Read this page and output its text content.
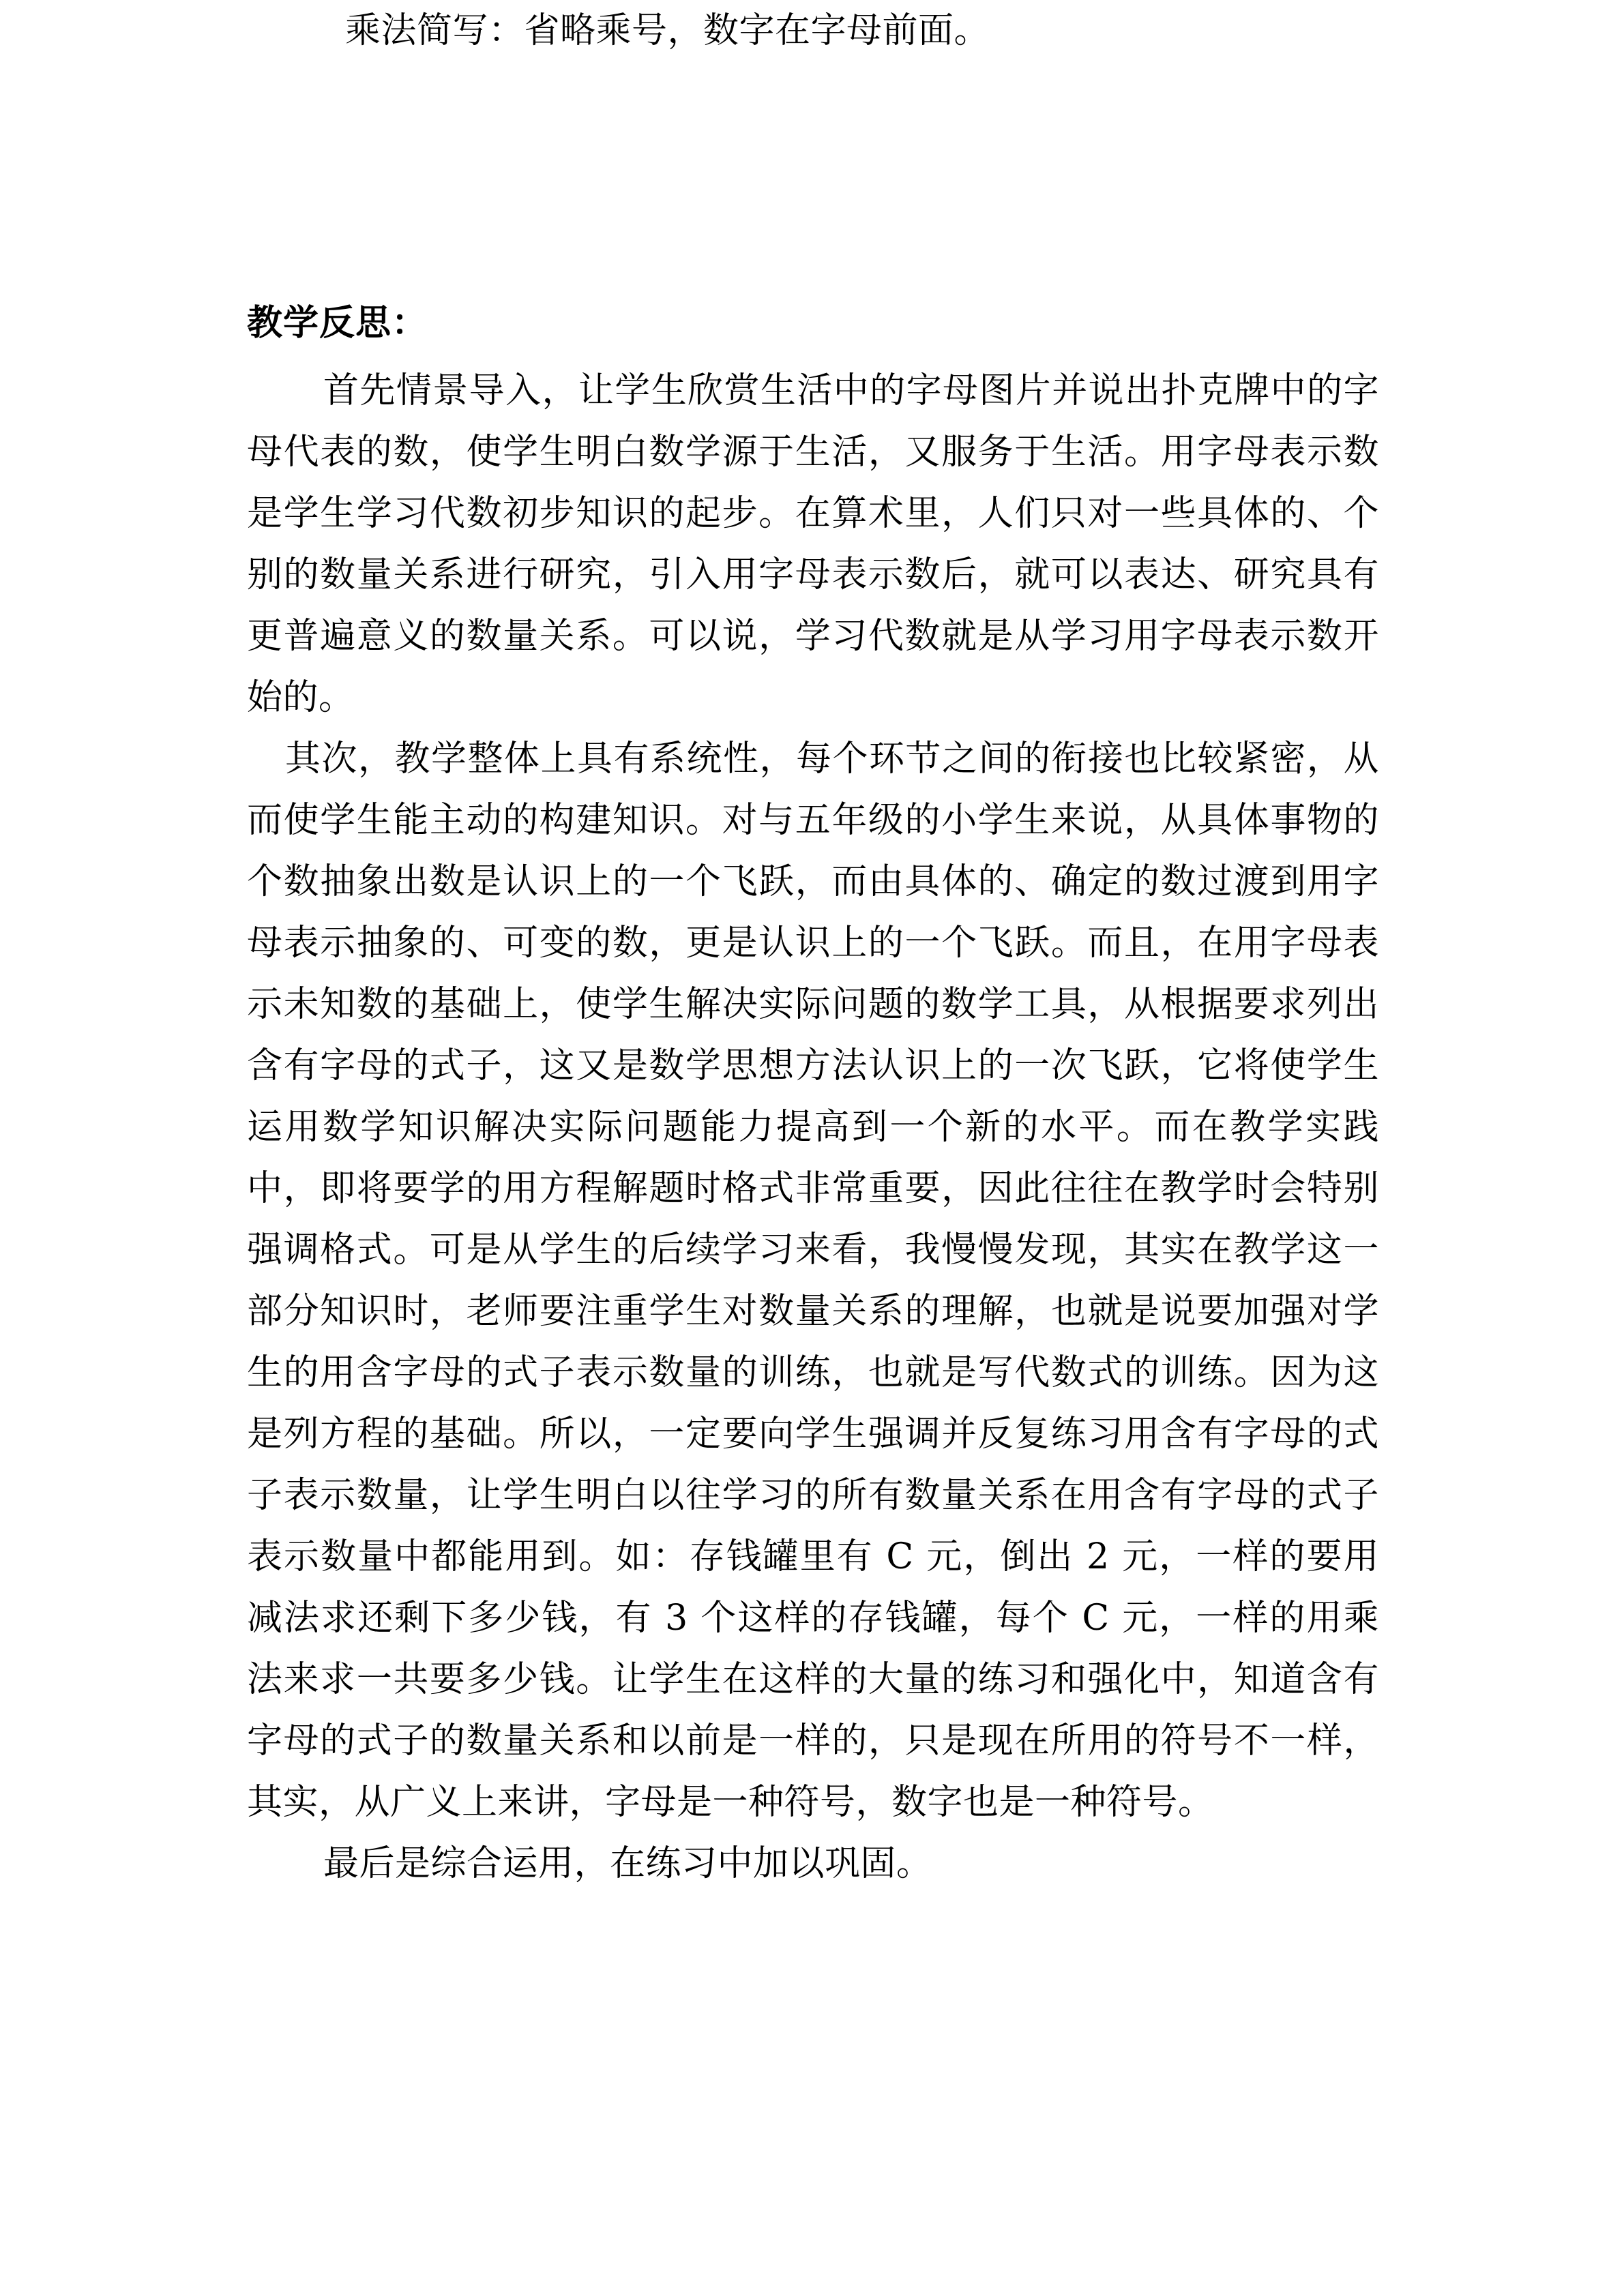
乘法简写：省略乘号，数字在字母前面。
教学反思：

首先情景导入，让学生欣赏生活中的字母图片并说出扑克牌中的字母代表的数，使学生明白数学源于生活，又服务于生活。用字母表示数是学生学习代数初步知识的起步。在算术里，人们只对一些具体的、个别的数量关系进行研究，引入用字母表示数后，就可以表达、研究具有更普遍意义的数量关系。可以说，学习代数就是从学习用字母表示数开始的。

其次，教学整体上具有系统性，每个环节之间的衔接也比较紧密，从而使学生能主动的构建知识。对与五年级的小学生来说，从具体事物的个数抽象出数是认识上的一个飞跃，而由具体的、确定的数过渡到用字母表示抽象的、可变的数，更是认识上的一个飞跃。而且，在用字母表示未知数的基础上，使学生解决实际问题的数学工具，从根据要求列出含有字母的式子，这又是数学思想方法认识上的一次飞跃，它将使学生运用数学知识解决实际问题能力提高到一个新的水平。而在教学实践中，即将要学的用方程解题时格式非常重要，因此往往在教学时会特别强调格式。可是从学生的后续学习来看，我慢慢发现，其实在教学这一部分知识时，老师要注重学生对数量关系的理解，也就是说要加强对学生的用含字母的式子表示数量的训练，也就是写代数式的训练。因为这是列方程的基础。所以，一定要向学生强调并反复练习用含有字母的式子表示数量，让学生明白以往学习的所有数量关系在用含有字母的式子表示数量中都能用到。如：存钱罐里有 C 元，倒出 2 元，一样的要用减法求还剩下多少钱，有 3 个这样的存钱罐，每个 C 元，一样的用乘法来求一共要多少钱。让学生在这样的大量的练习和强化中，知道含有字母的式子的数量关系和以前是一样的，只是现在所用的符号不一样，其实，从广义上来讲，字母是一种符号，数字也是一种符号。

最后是综合运用，在练习中加以巩固。
